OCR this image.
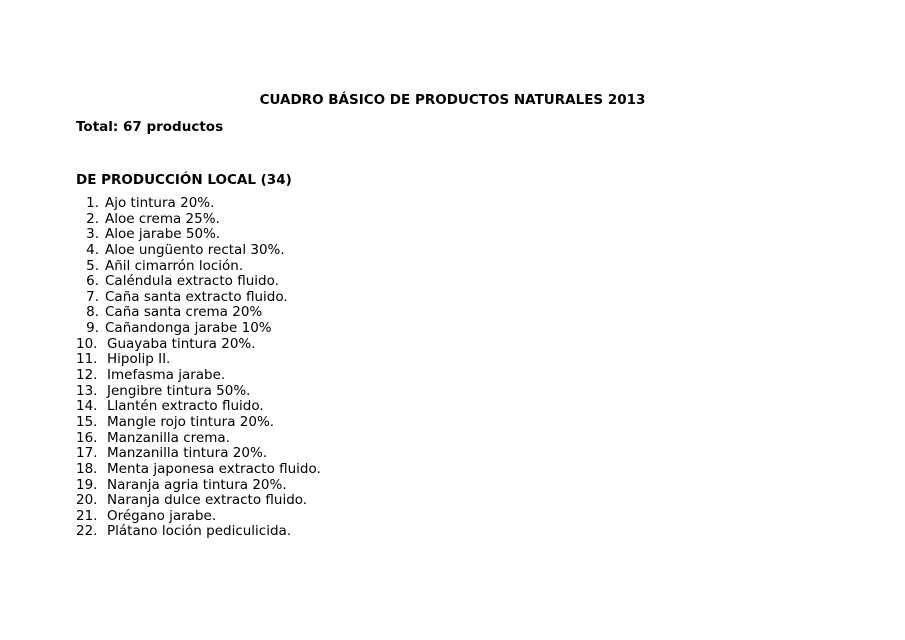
CUADRO BÁSICO DE PRODUCTOS NATURALES 2013
Total: 67 productos
DE PRODUCCIÓN LOCAL (34)
1. Ajo tintura 20%.
2. Aloe crema 25%.
3. Aloe jarabe 50%.
4. Aloe ungüento rectal 30%.
5. Añil cimarrón loción.
6. Caléndula extracto fluido.
7. Caña santa extracto fluido.
8. Caña santa crema 20%
9. Cañandonga jarabe 10%
10. Guayaba tintura 20%.
11. Hipolip II.
12. Imefasma jarabe.
13. Jengibre tintura 50%.
14. Llantén extracto fluido.
15. Mangle rojo tintura 20%.
16. Manzanilla crema.
17. Manzanilla tintura 20%.
18. Menta japonesa extracto fluido.
19. Naranja agria tintura 20%.
20. Naranja dulce extracto fluido.
21. Orégano jarabe.
22. Plátano loción pediculicida.
